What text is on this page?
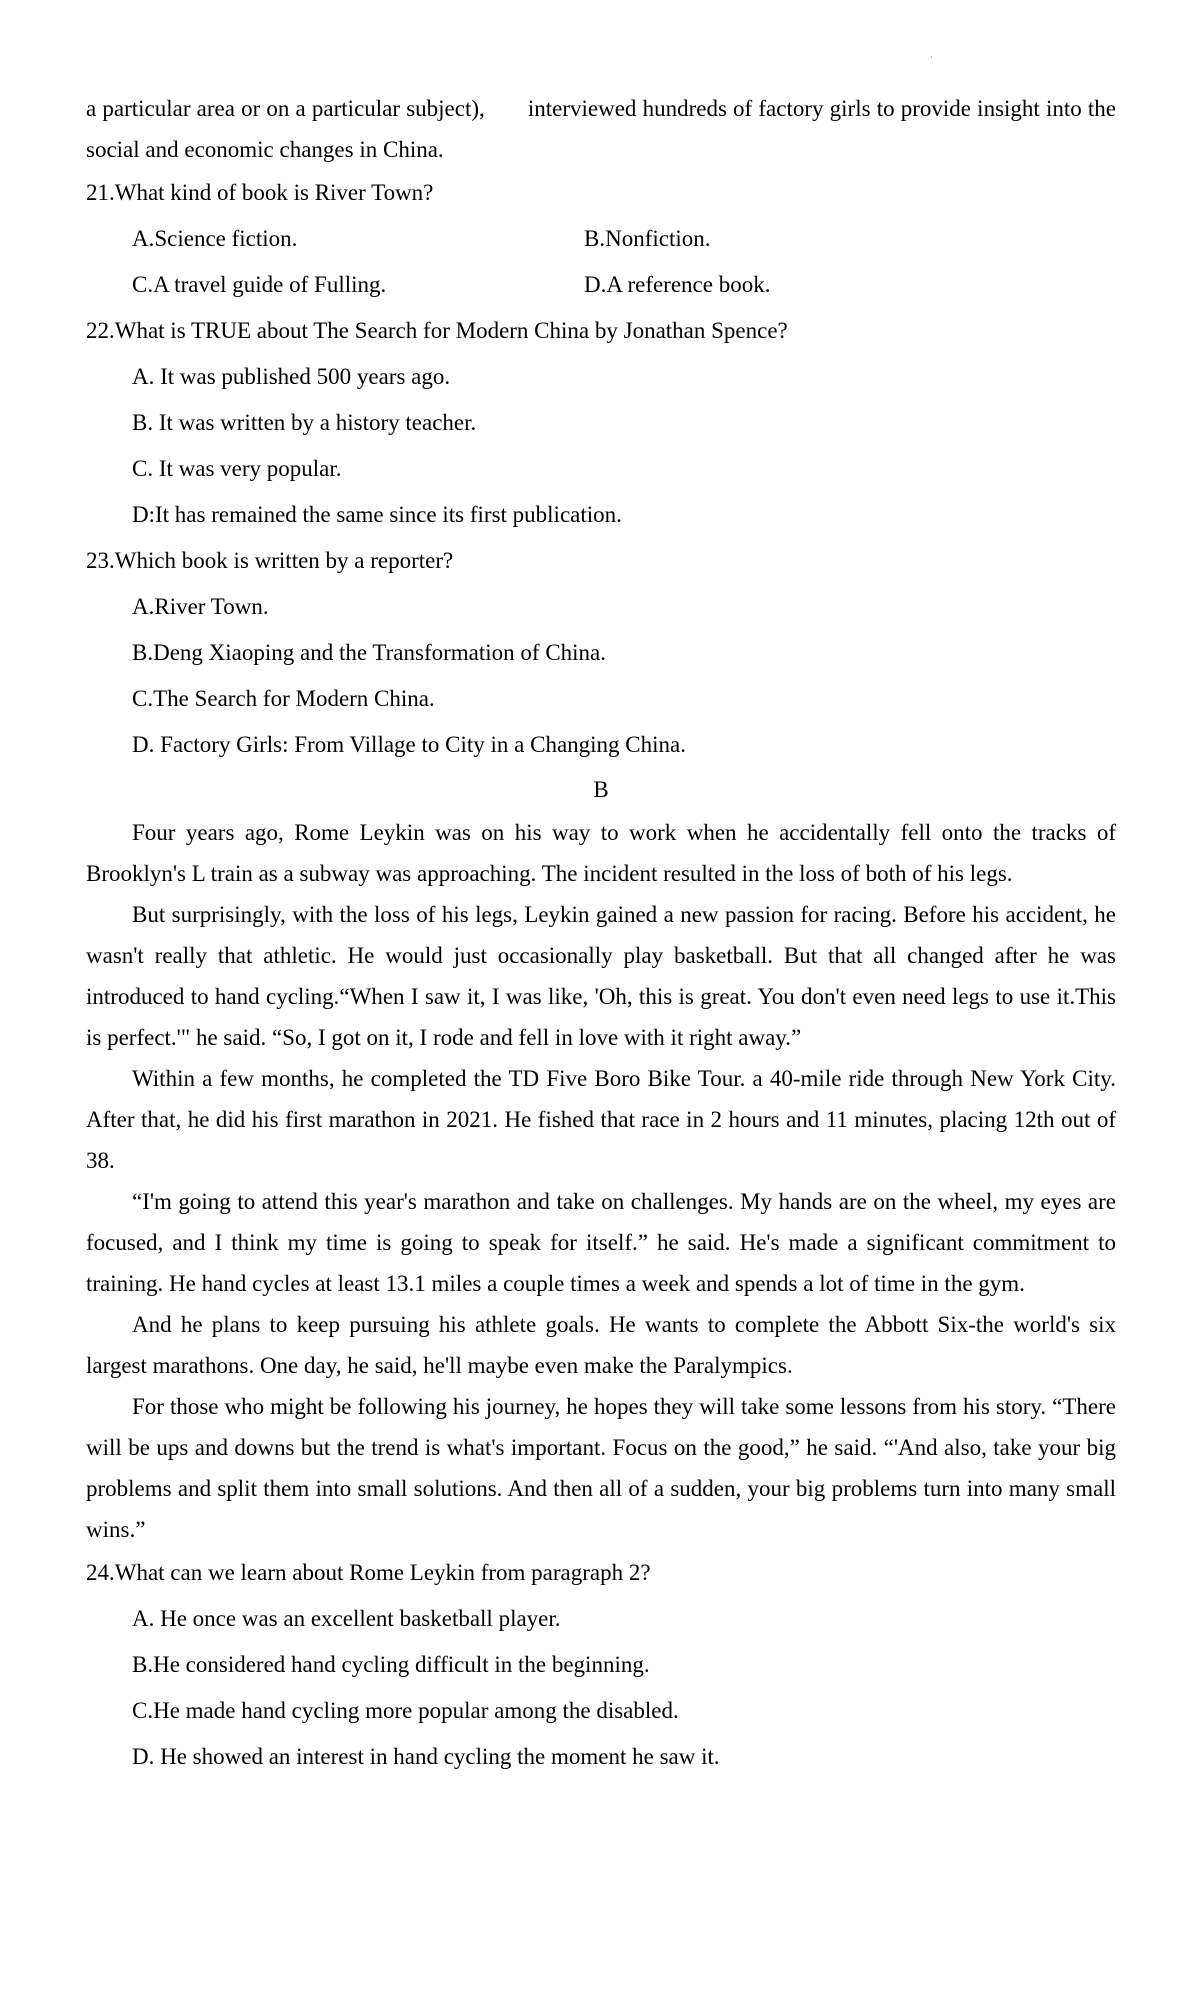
·

a particular area or on a particular subject),       interviewed hundreds of factory girls to provide insight into the social and economic changes in China.

21.What kind of book is River Town?

A.Science fiction.	B.Nonfiction.
C.A travel guide of Fulling.	D.A reference book.

22.What is TRUE about The Search for Modern China by Jonathan Spence?

A. It was published 500 years ago.

B. It was written by a history teacher.

C. It was very popular.

D:It has remained the same since its first publication.

23.Which book is written by a reporter?

A.River Town.

B.Deng Xiaoping and the Transformation of China.

C.The Search for Modern China.

D. Factory Girls: From Village to City in a Changing China.

B

Four years ago, Rome Leykin was on his way to work when he accidentally fell onto the tracks of Brooklyn's L train as a subway was approaching. The incident resulted in the loss of both of his legs.

But surprisingly, with the loss of his legs, Leykin gained a new passion for racing. Before his accident, he wasn't really that athletic. He would just occasionally play basketball. But that all changed after he was introduced to hand cycling.“When I saw it, I was like, 'Oh, this is great. You don't even need legs to use it.This is perfect.'" he said. “So, I got on it, I rode and fell in love with it right away.”

Within a few months, he completed the TD Five Boro Bike Tour. a 40-mile ride through New York City. After that, he did his first marathon in 2021. He fished that race in 2 hours and 11 minutes, placing 12th out of 38.

“I'm going to attend this year's marathon and take on challenges. My hands are on the wheel, my eyes are focused, and I think my time is going to speak for itself.” he said. He's made a significant commitment to training. He hand cycles at least 13.1 miles a couple times a week and spends a lot of time in the gym.

And he plans to keep pursuing his athlete goals. He wants to complete the Abbott Six-the world's six largest marathons. One day, he said, he'll maybe even make the Paralympics.

For those who might be following his journey, he hopes they will take some lessons from his story. “There will be ups and downs but the trend is what's important. Focus on the good,” he said. “'And also, take your big problems and split them into small solutions. And then all of a sudden, your big problems turn into many small wins.”

24.What can we learn about Rome Leykin from paragraph 2?

A. He once was an excellent basketball player.

B.He considered hand cycling difficult in the beginning.

C.He made hand cycling more popular among the disabled.

D. He showed an interest in hand cycling the moment he saw it.
